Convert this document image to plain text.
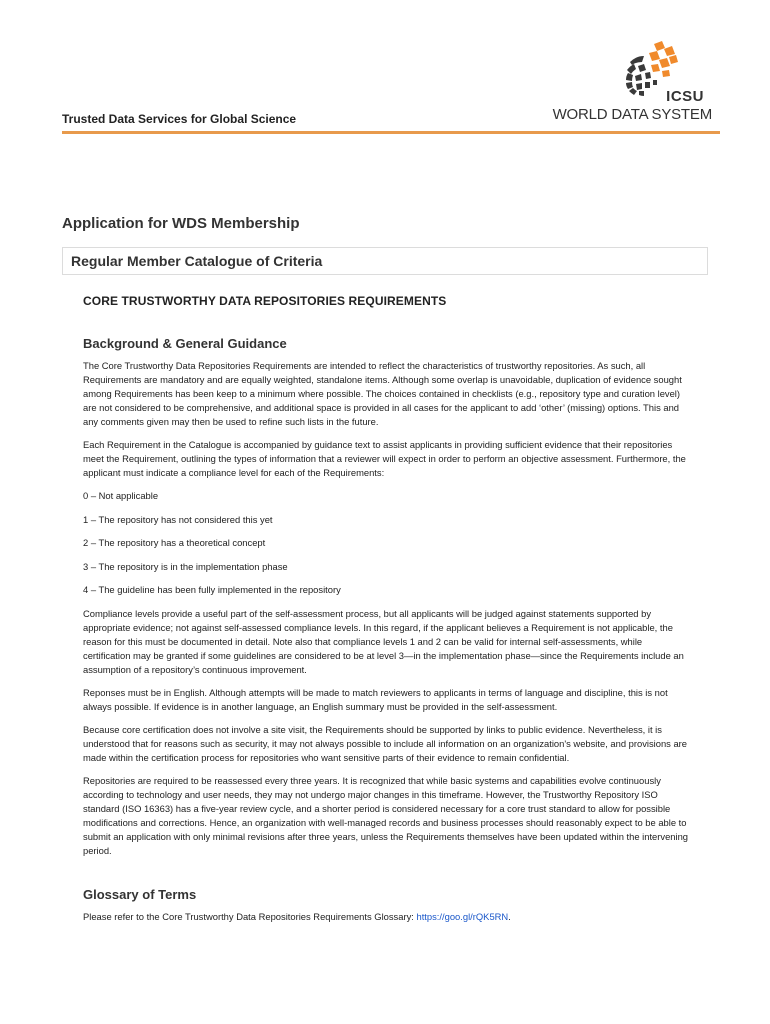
Trusted Data Services for Global Science
ICSU
WORLD DATA SYSTEM
Application for WDS Membership
Regular Member Catalogue of Criteria
CORE TRUSTWORTHY DATA REPOSITORIES REQUIREMENTS
Background & General Guidance
The Core Trustworthy Data Repositories Requirements are intended to reflect the characteristics of trustworthy repositories. As such, all Requirements are mandatory and are equally weighted, standalone items. Although some overlap is unavoidable, duplication of evidence sought among Requirements has been keep to a minimum where possible. The choices contained in checklists (e.g., repository type and curation level) are not considered to be comprehensive, and additional space is provided in all cases for the applicant to add ‘other’ (missing) options. This and any comments given may then be used to refine such lists in the future.
Each Requirement in the Catalogue is accompanied by guidance text to assist applicants in providing sufficient evidence that their repositories meet the Requirement, outlining the types of information that a reviewer will expect in order to perform an objective assessment. Furthermore, the applicant must indicate a compliance level for each of the Requirements:
0 – Not applicable
1 – The repository has not considered this yet
2 – The repository has a theoretical concept
3 – The repository is in the implementation phase
4 – The guideline has been fully implemented in the repository
Compliance levels provide a useful part of the self-assessment process, but all applicants will be judged against statements supported by appropriate evidence; not against self-assessed compliance levels. In this regard, if the applicant believes a Requirement is not applicable, the reason for this must be documented in detail. Note also that compliance levels 1 and 2 can be valid for internal self-assessments, while certification may be granted if some guidelines are considered to be at level 3—in the implementation phase—since the Requirements include an assumption of a repository’s continuous improvement.
Reponses must be in English. Although attempts will be made to match reviewers to applicants in terms of language and discipline, this is not always possible. If evidence is in another language, an English summary must be provided in the self-assessment.
Because core certification does not involve a site visit, the Requirements should be supported by links to public evidence. Nevertheless, it is understood that for reasons such as security, it may not always possible to include all information on an organization's website, and provisions are made within the certification process for repositories who want sensitive parts of their evidence to remain confidential.
Repositories are required to be reassessed every three years. It is recognized that while basic systems and capabilities evolve continuously according to technology and user needs, they may not undergo major changes in this timeframe. However, the Trustworthy Repository ISO standard (ISO 16363) has a five-year review cycle, and a shorter period is considered necessary for a core trust standard to allow for possible modifications and corrections. Hence, an organization with well-managed records and business processes should reasonably expect to be able to submit an application with only minimal revisions after three years, unless the Requirements themselves have been updated within the intervening period.
Glossary of Terms
Please refer to the Core Trustworthy Data Repositories Requirements Glossary: https://goo.gl/rQK5RN.
